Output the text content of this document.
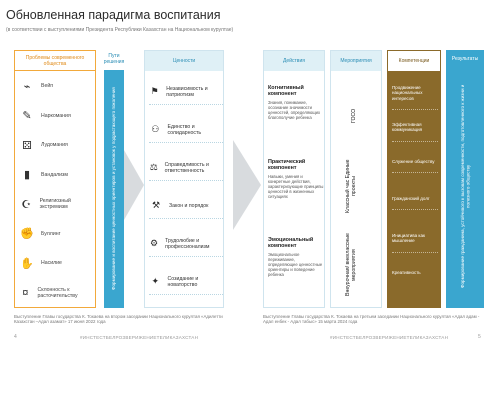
Обновленная парадигма воспитания
(в соответствии с выступлениями Президента Республики Казахстан на Национальном курултае)
Проблемы современного общества
⌁	Вейп
✎	Наркомания
⚄	Лудомания
▮	Вандализм
☪	Религиозный экстремизм
✊ Буллинг
✋ Насилие
¤	Склонность к расточительству
Пути решения
Формирование и воспитание ценностных ориентиров и установок у подрастающего поколения
Ценности
⚑	Независимость и патриотизм
⚇	Единство и солидарность
⚖ Справедливость и ответственность
⚒	Закон и порядок
⚙ Трудолюбие и профессионализм
✦	Созидание и новаторство
Действия
Когнитивный компонент
Знания, понимание, осознание значимости ценностей, определяющих благополучие ребенка
Практический компонент
Навыки, умения и конкретные действия, характеризующие принципы ценностей в жизненных ситуациях
Эмоциональный компонент
Эмоциональное переживание, определяющее ценностные ориентиры и поведение ребенка
Мероприятия
ГОСО
Классный час Единые проекты
Внеурочная/ внеклассные мероприятия
Компетенции
Продвижение национальных интересов
Эффективная коммуникация
Служение обществу
Гражданский долг
Инициатива как мышление
Креативность
Результаты
Формирование гражданина, устойчивого к вызовам современности, подготовленного к жизни и полезного обществу
Выступление Главы государства К. Токаева на втором заседании Национального курултая «Адилетти Казахстан –Адал азамат» 17 июня 2022 года
Выступление Главы государства К. Токаева на третьем заседании Национального курултая «Адал адам - Адал енбек - Адал табыс» 15 марта 2024 года
4	#ИНСТЕСТБЕЛРОЗВЕРИЖЕНИЕТЕЛИКАЗАХСТАН	5
#ИНСТЕСТБЕЛРОЗВЕРИЖЕНИЕТЕЛИКАЗАХСТАН
